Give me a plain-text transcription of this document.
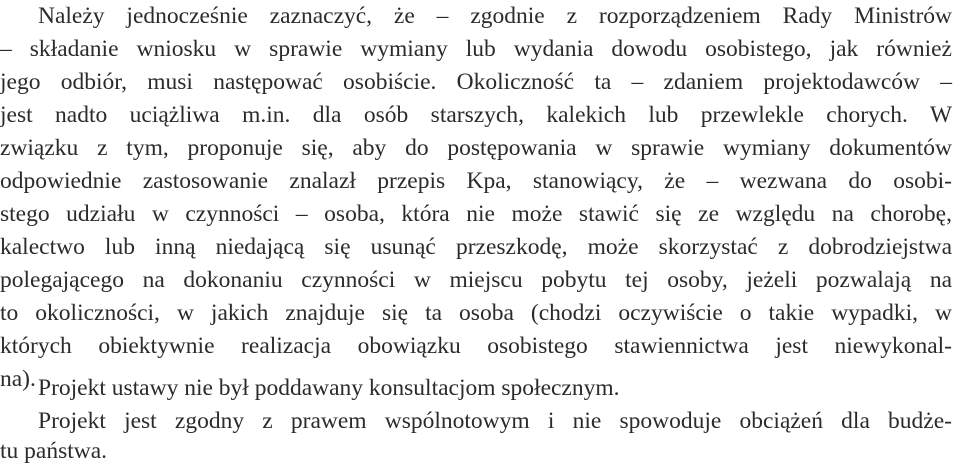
Należy jednocześnie zaznaczyć, że – zgodnie z rozporządzeniem Rady Ministrów
– składanie wniosku w sprawie wymiany lub wydania dowodu osobistego, jak również
jego odbiór, musi następować osobiście. Okoliczność ta – zdaniem projektodawców –
jest nadto uciążliwa m.in. dla osób starszych, kalekich lub przewlekle chorych. W
związku z tym, proponuje się, aby do postępowania w sprawie wymiany dokumentów
odpowiednie zastosowanie znalazł przepis Kpa, stanowiący, że – wezwana do osobi-
stego udziału w czynności – osoba, która nie może stawić się ze względu na chorobę,
kalectwo lub inną niedającą się usunąć przeszkodę, może skorzystać z dobrodziejstwa
polegającego na dokonaniu czynności w miejscu pobytu tej osoby, jeżeli pozwalają na
to okoliczności, w jakich znajduje się ta osoba (chodzi oczywiście o takie wypadki, w
których obiektywnie realizacja obowiązku osobistego stawiennictwa jest niewykonal-
na). Projekt ustawy nie był poddawany konsultacjom społecznym.
Projekt jest zgodny z prawem wspólnotowym i nie spowoduje obciążeń dla budże-
tu państwa.
